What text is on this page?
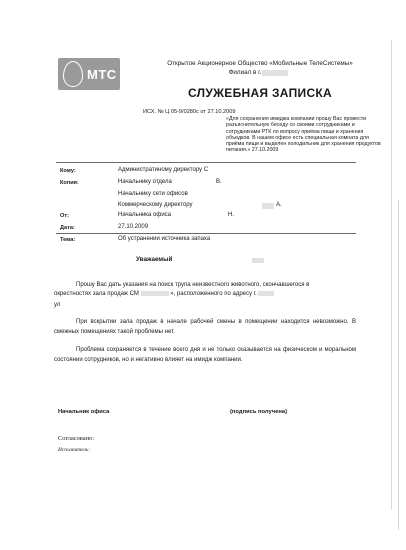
МТС
Открытое Акционерное Общество «Мобильные ТелеСистемы»
Филиал в г.
СЛУЖЕБНАЯ ЗАПИСКА
ИСХ. № Ц 05-9/0280с от 27.10.2009
«Для сохранения имиджа компании прошу Вас провести разъяснительную беседу со своими сотрудниками и сотрудниками РТК по вопросу приёма пищи и хранения объедков. В нашем офисе есть специальная комната для приёма пищи и выделен холодильник для хранения продуктов питания.» 27.10.2009
Кому:	Администратиному директору С
Копия:	Начальнику отдела	В.
Начальнику сети офисов
Коммерческому директору	А.
От:	Начальника офиса	Н.
Дата:	27.10.2009
Тема:	Об устранении источника запаха
Уважаемый
Прошу Вас дать указания на поиск трупа неизвестного животного, скончавшегося в
окрестностях зала продаж СМ	», расположенного по адресу г.
ул
При вскрытии зала продаж в начале рабочей смены в помещении находится невозможно. В смежных помещениях такой проблемы нет.
Проблема сохраняется в течение всего дня и не только сказывается на физическом и моральном состоянии сотрудников, но и негативно влияет на имидж компании.
Начальник офиса	(подпись получена)
Согласовано:
Исполнитель:
